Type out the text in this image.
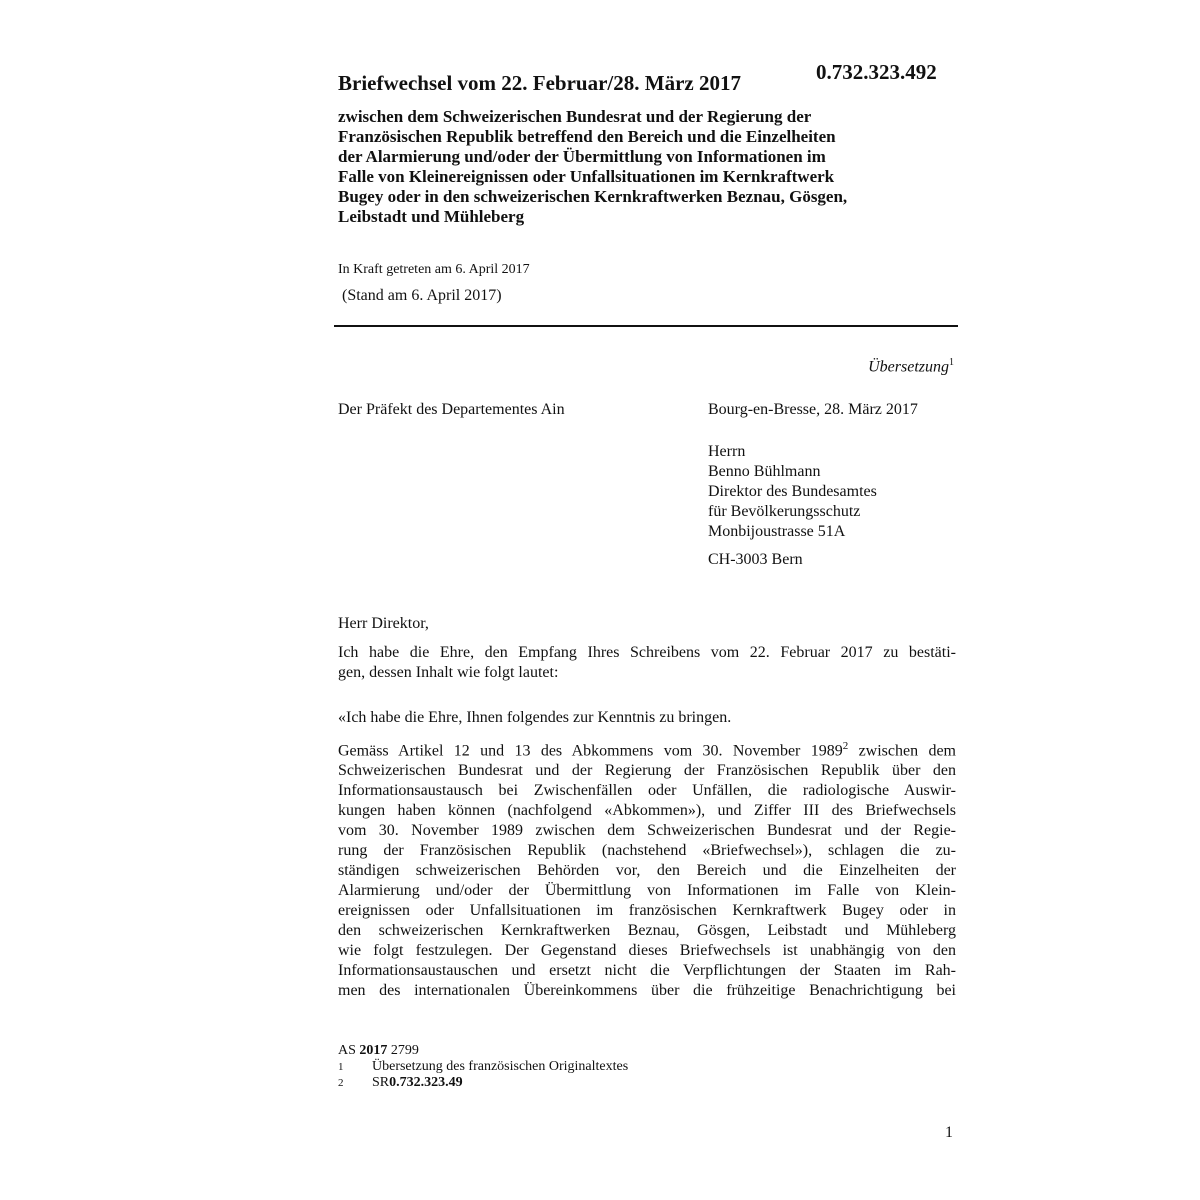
Briefwechsel vom 22. Februar/28. März 2017	0.732.323.492
zwischen dem Schweizerischen Bundesrat und der Regierung der
Französischen Republik betreffend den Bereich und die Einzelheiten
der Alarmierung und/oder der Übermittlung von Informationen im
Falle von Kleinereignissen oder Unfallsituationen im Kernkraftwerk
Bugey oder in den schweizerischen Kernkraftwerken Beznau, Gösgen,
Leibstadt und Mühleberg
In Kraft getreten am 6. April 2017
(Stand am 6. April 2017)
Übersetzung$^1$
Der Präfekt des Departementes Ain	Bourg-en-Bresse, 28. März 2017
Herrn
Benno Bühlmann
Direktor des Bundesamtes
für Bevölkerungsschutz
Monbijoustrasse 51A
CH-3003 Bern
Herr Direktor,
Ich habe die Ehre, den Empfang Ihres Schreibens vom 22. Februar 2017 zu bestäti-
gen, dessen Inhalt wie folgt lautet:
«Ich habe die Ehre, Ihnen folgendes zur Kenntnis zu bringen.
Gemäss Artikel 12 und 13 des Abkommens vom 30. November 1989$^2$ zwischen dem
Schweizerischen Bundesrat und der Regierung der Französischen Republik über den
Informationsaustausch bei Zwischenfällen oder Unfällen, die radiologische Auswir-
kungen haben können (nachfolgend «Abkommen»), und Ziffer III des Briefwechsels
vom 30. November 1989 zwischen dem Schweizerischen Bundesrat und der Regie-
rung der Französischen Republik (nachstehend «Briefwechsel»), schlagen die zu-
ständigen schweizerischen Behörden vor, den Bereich und die Einzelheiten der
Alarmierung und/oder der Übermittlung von Informationen im Falle von Klein-
ereignissen oder Unfallsituationen im französischen Kernkraftwerk Bugey oder in
den schweizerischen Kernkraftwerken Beznau, Gösgen, Leibstadt und Mühleberg
wie folgt festzulegen. Der Gegenstand dieses Briefwechsels ist unabhängig von den
Informationsaustauschen und ersetzt nicht die Verpflichtungen der Staaten im Rah-
men des internationalen Übereinkommens über die frühzeitige Benachrichtigung bei
AS
2017
2799
1	Übersetzung des französischen Originaltextes
2	SR 0.732.323.49
1
